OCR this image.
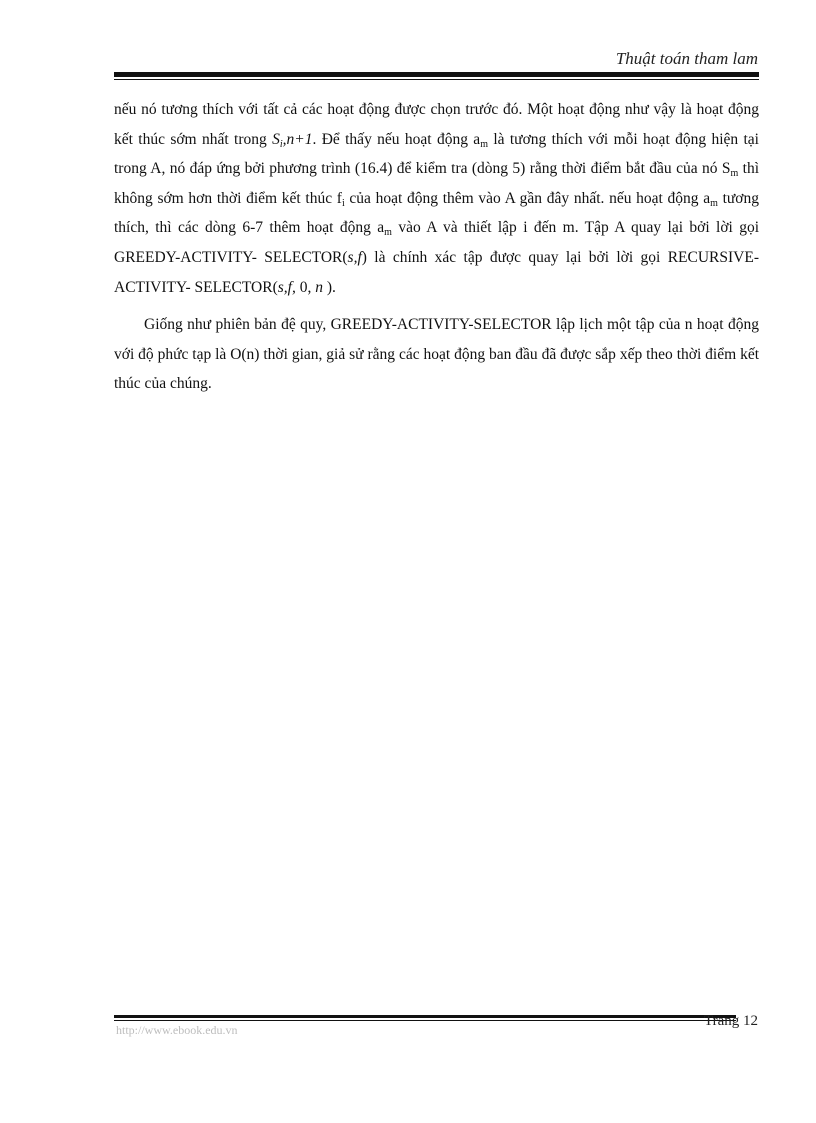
Thuật toán tham lam

nếu nó tương thích với tất cả các hoạt động được chọn trước đó. Một hoạt động như vậy là hoạt động kết thúc sớm nhất trong $S_i,n+1$. Để thấy nếu hoạt động $a_m$ là tương thích với mỗi hoạt động hiện tại trong A, nó đáp ứng bởi phương trình (16.4) để kiểm tra (dòng 5) rằng thời điểm bắt đầu của nó $S_m$ thì không sớm hơn thời điểm kết thúc $f_i$ của hoạt động thêm vào A gần đây nhất. nếu hoạt động $a_m$ tương thích, thì các dòng 6-7 thêm hoạt động $a_m$ vào A và thiết lập i đến m. Tập A quay lại bởi lời gọi GREEDY-ACTIVITY- SELECTOR(s,f) là chính xác tập được quay lại bởi lời gọi RECURSIVE-ACTIVITY- SELECTOR(s,f, 0, n ).

Giống như phiên bản đệ quy, GREEDY-ACTIVITY-SELECTOR lập lịch một tập của n hoạt động với độ phức tạp là O(n) thời gian, giả sử rằng các hoạt động ban đầu đã được sắp xếp theo thời điểm kết thúc của chúng.

http://www.ebook.edu.vn
Trang 12
